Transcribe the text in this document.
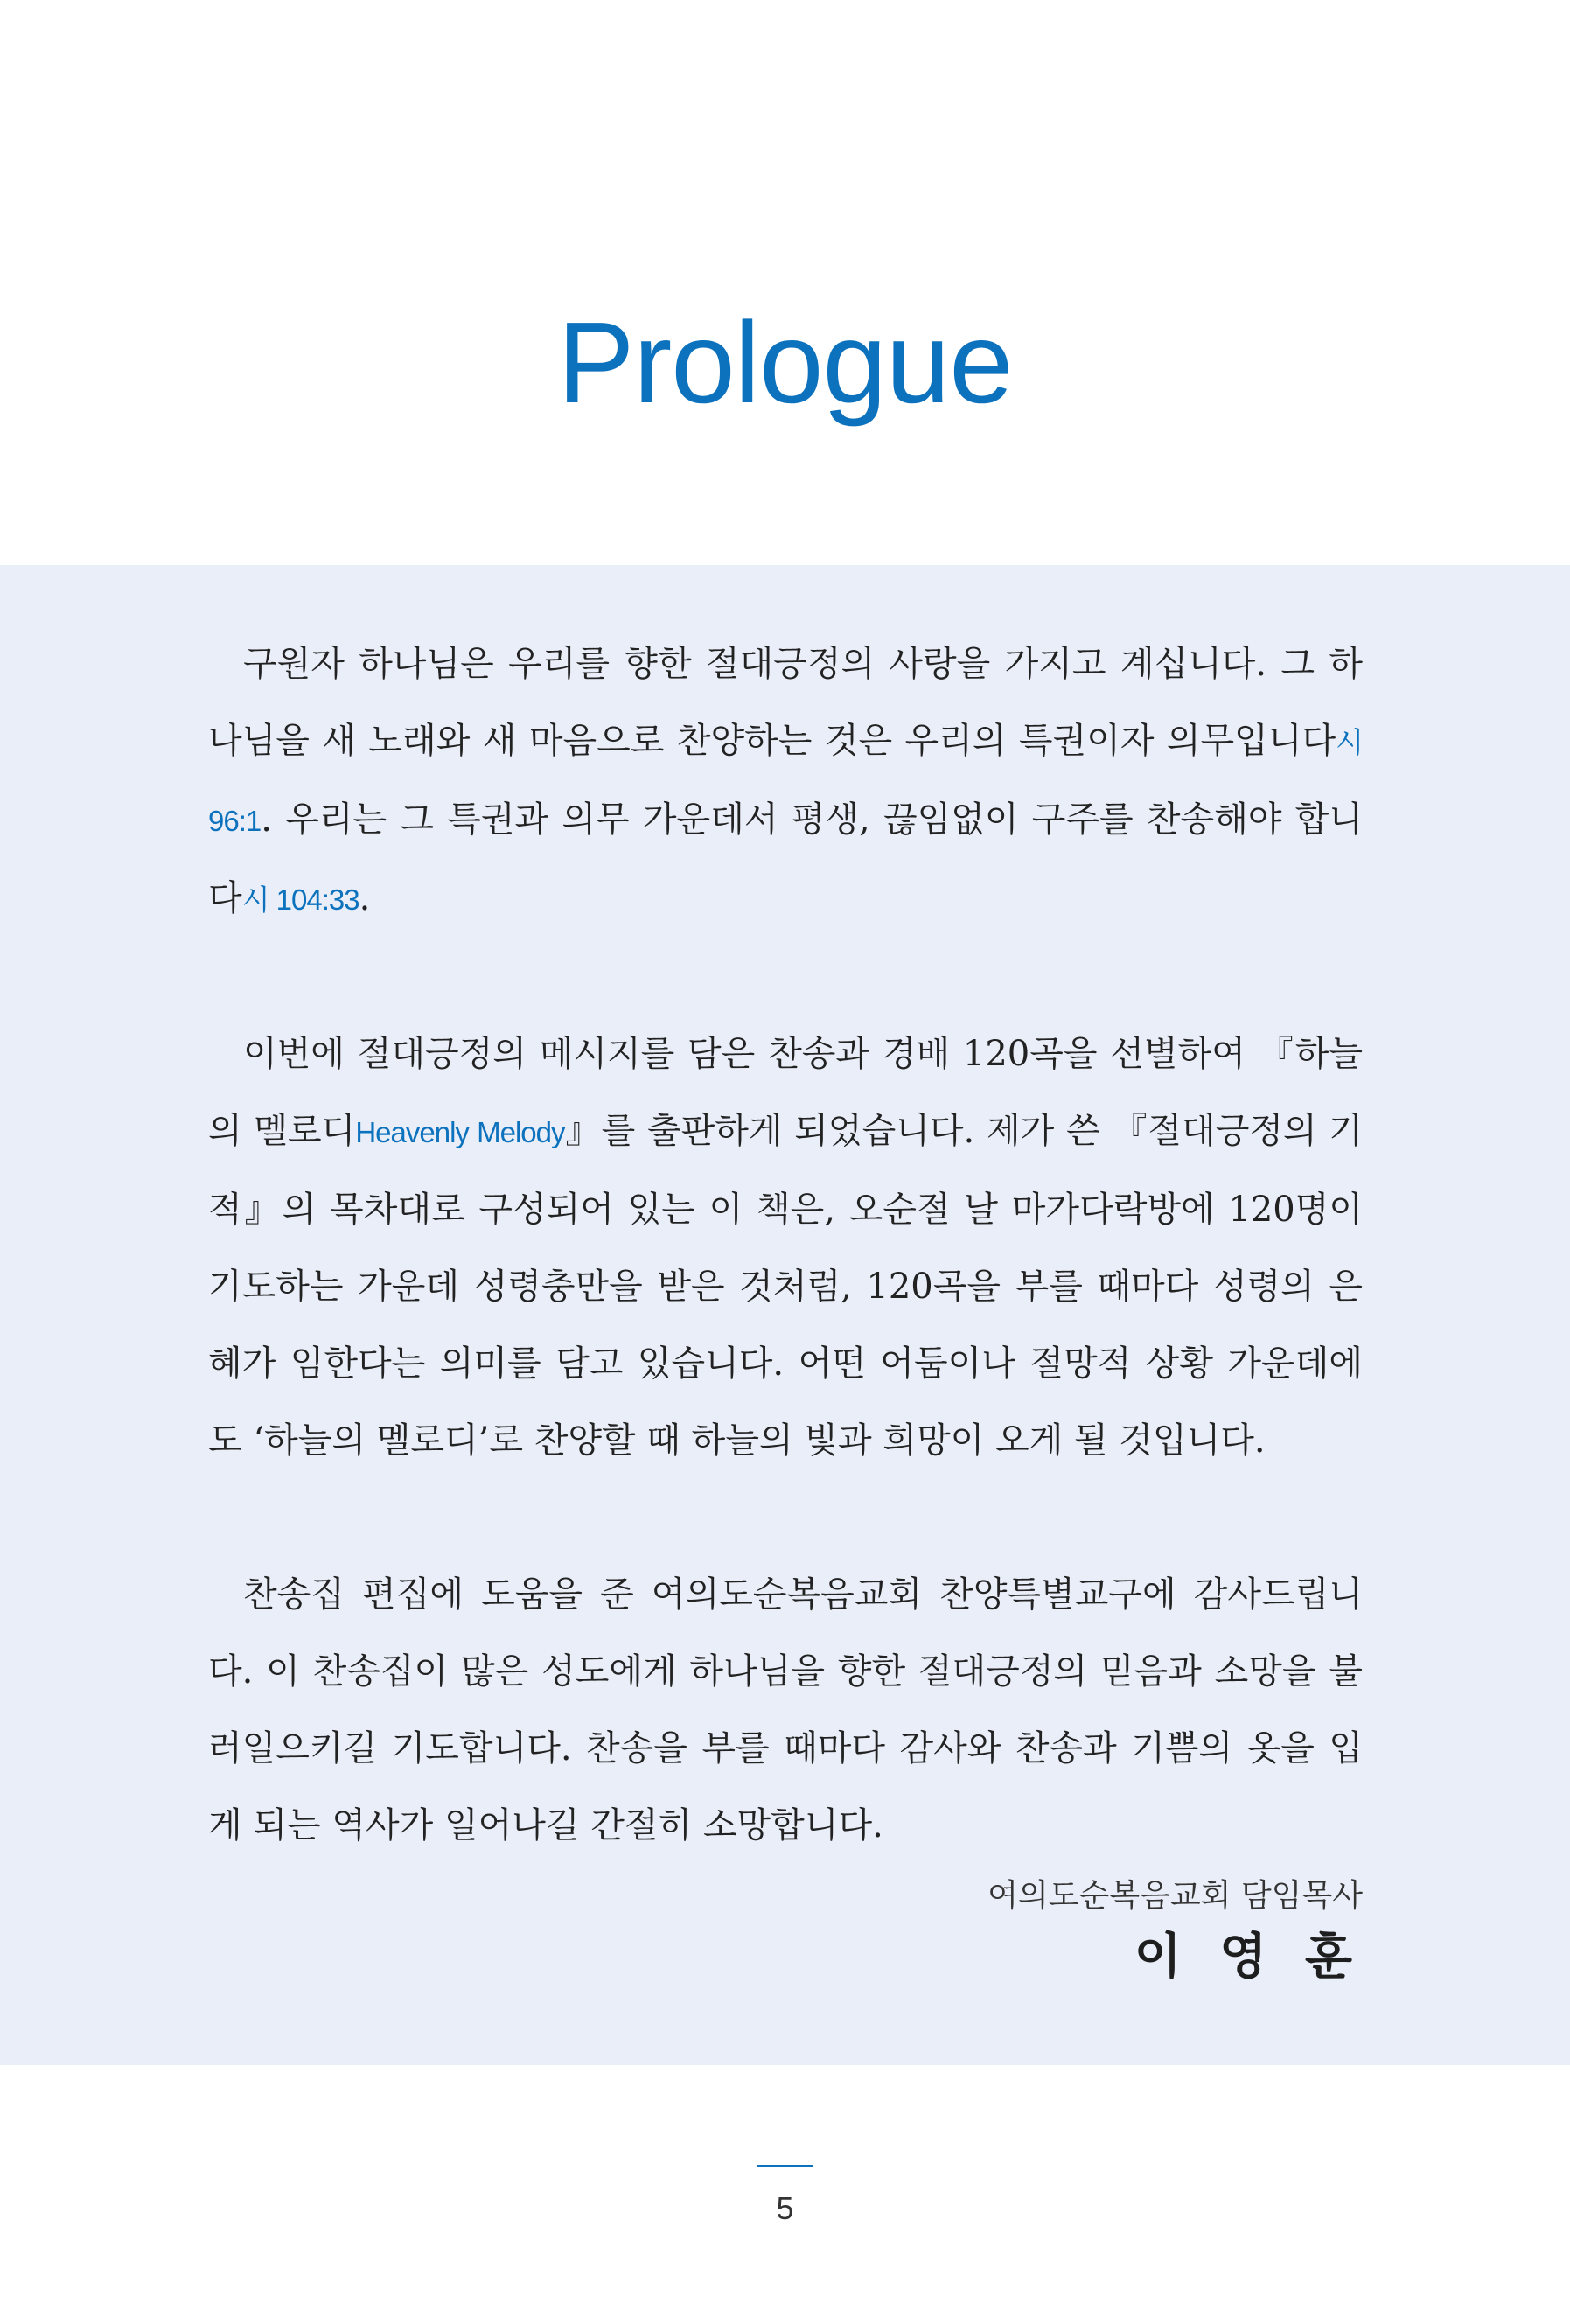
Prologue

구원자 하나님은 우리를 향한 절대긍정의 사랑을 가지고 계십니다. 그 하나님을 새 노래와 새 마음으로 찬양하는 것은 우리의 특권이자 의무입니다시 96:1. 우리는 그 특권과 의무 가운데서 평생, 끊임없이 구주를 찬송해야 합니다시 104:33.

이번에 절대긍정의 메시지를 담은 찬송과 경배 120곡을 선별하여 『하늘의 멜로디Heavenly Melody』를 출판하게 되었습니다. 제가 쓴 『절대긍정의 기적』의 목차대로 구성되어 있는 이 책은, 오순절 날 마가다락방에 120명이 기도하는 가운데 성령충만을 받은 것처럼, 120곡을 부를 때마다 성령의 은혜가 임한다는 의미를 담고 있습니다. 어떤 어둠이나 절망적 상황 가운데에도 ‘하늘의 멜로디’로 찬양할 때 하늘의 빛과 희망이 오게 될 것입니다.

찬송집 편집에 도움을 준 여의도순복음교회 찬양특별교구에 감사드립니다. 이 찬송집이 많은 성도에게 하나님을 향한 절대긍정의 믿음과 소망을 불러일으키길 기도합니다. 찬송을 부를 때마다 감사와 찬송과 기쁨의 옷을 입게 되는 역사가 일어나길 간절히 소망합니다.

여의도순복음교회 담임목사
이 영 훈
5
